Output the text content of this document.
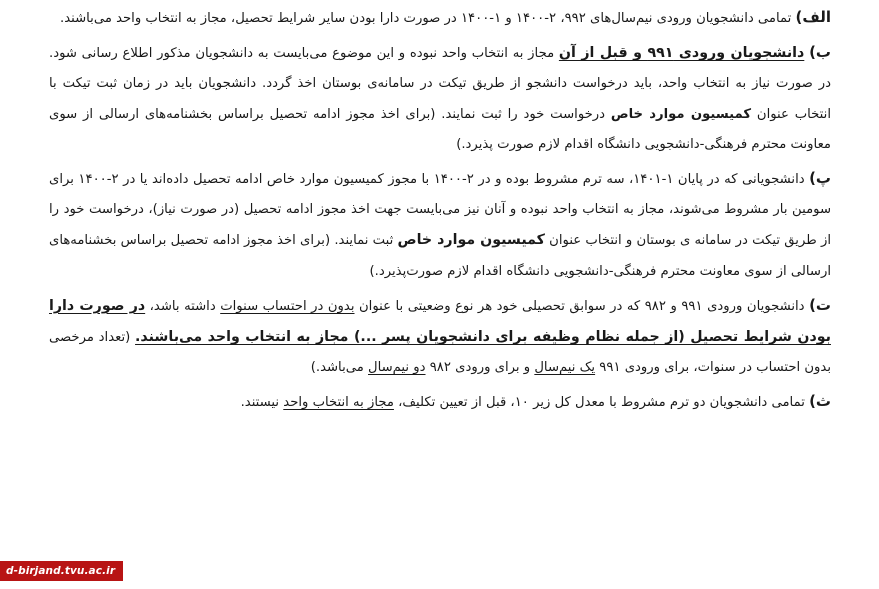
الف) تمامی دانشجویان ورودی نیم‌سال‌های ۹۹۲، ۲-۱۴۰۰ و ۱-۱۴۰۰ در صورت دارا بودن سایر شرایط تحصیل، مجاز به انتخاب واحد می‌باشند.

ب) دانشجویان ورودی ۹۹۱ و قبل از آن مجاز به انتخاب واحد نبوده و این موضوع می‌بایست به دانشجویان مذکور اطلاع رسانی شود. در صورت نیاز به انتخاب واحد، باید درخواست دانشجو از طریق تیکت در سامانه‌ی بوستان اخذ گردد. دانشجویان باید در زمان ثبت تیکت با انتخاب عنوان کمیسیون موارد خاص درخواست خود را ثبت نمایند. (برای اخذ مجوز ادامه تحصیل براساس بخشنامه‌های ارسالی از سوی معاونت محترم فرهنگی-دانشجویی دانشگاه اقدام لازم صورت پذیرد.)

پ) دانشجویانی که در پایان ۱-۱۴۰۱، سه ترم مشروط بوده و در ۲-۱۴۰۰ با مجوز کمیسیون موارد خاص ادامه تحصیل داده‌اند یا در ۲-۱۴۰۰ برای سومین بار مشروط می‌شوند، مجاز به انتخاب واحد نبوده و آنان نیز می‌بایست جهت اخذ مجوز ادامه تحصیل (در صورت نیاز)، درخواست خود را از طریق تیکت در سامانه ی بوستان و انتخاب عنوان کمیسیون موارد خاص ثبت نمایند. (برای اخذ مجوز ادامه تحصیل براساس بخشنامه‌های ارسالی از سوی معاونت محترم فرهنگی-دانشجویی دانشگاه اقدام لازم صورت‌پذیرد.)

ت) دانشجویان ورودی ۹۹۱ و ۹۸۲ که در سوابق تحصیلی خود هر نوع وضعیتی با عنوان بدون در احتساب سنوات داشته باشد، در صورت دارا بودن شرایط تحصیل (از جمله نظام وظیفه برای دانشجویان پسر ...) مجاز به انتخاب واحد می‌باشند. (تعداد مرخصی بدون احتساب در سنوات، برای ورودی ۹۹۱ یک نیم‌سال و برای ورودی ۹۸۲ دو نیم‌سال می‌باشد.)

ث) تمامی دانشجویان دو ترم مشروط با معدل کل زیر ۱۰، قبل از تعیین تکلیف، مجاز به انتخاب واحد نیستند.

d-birjand.tvu.ac.ir
